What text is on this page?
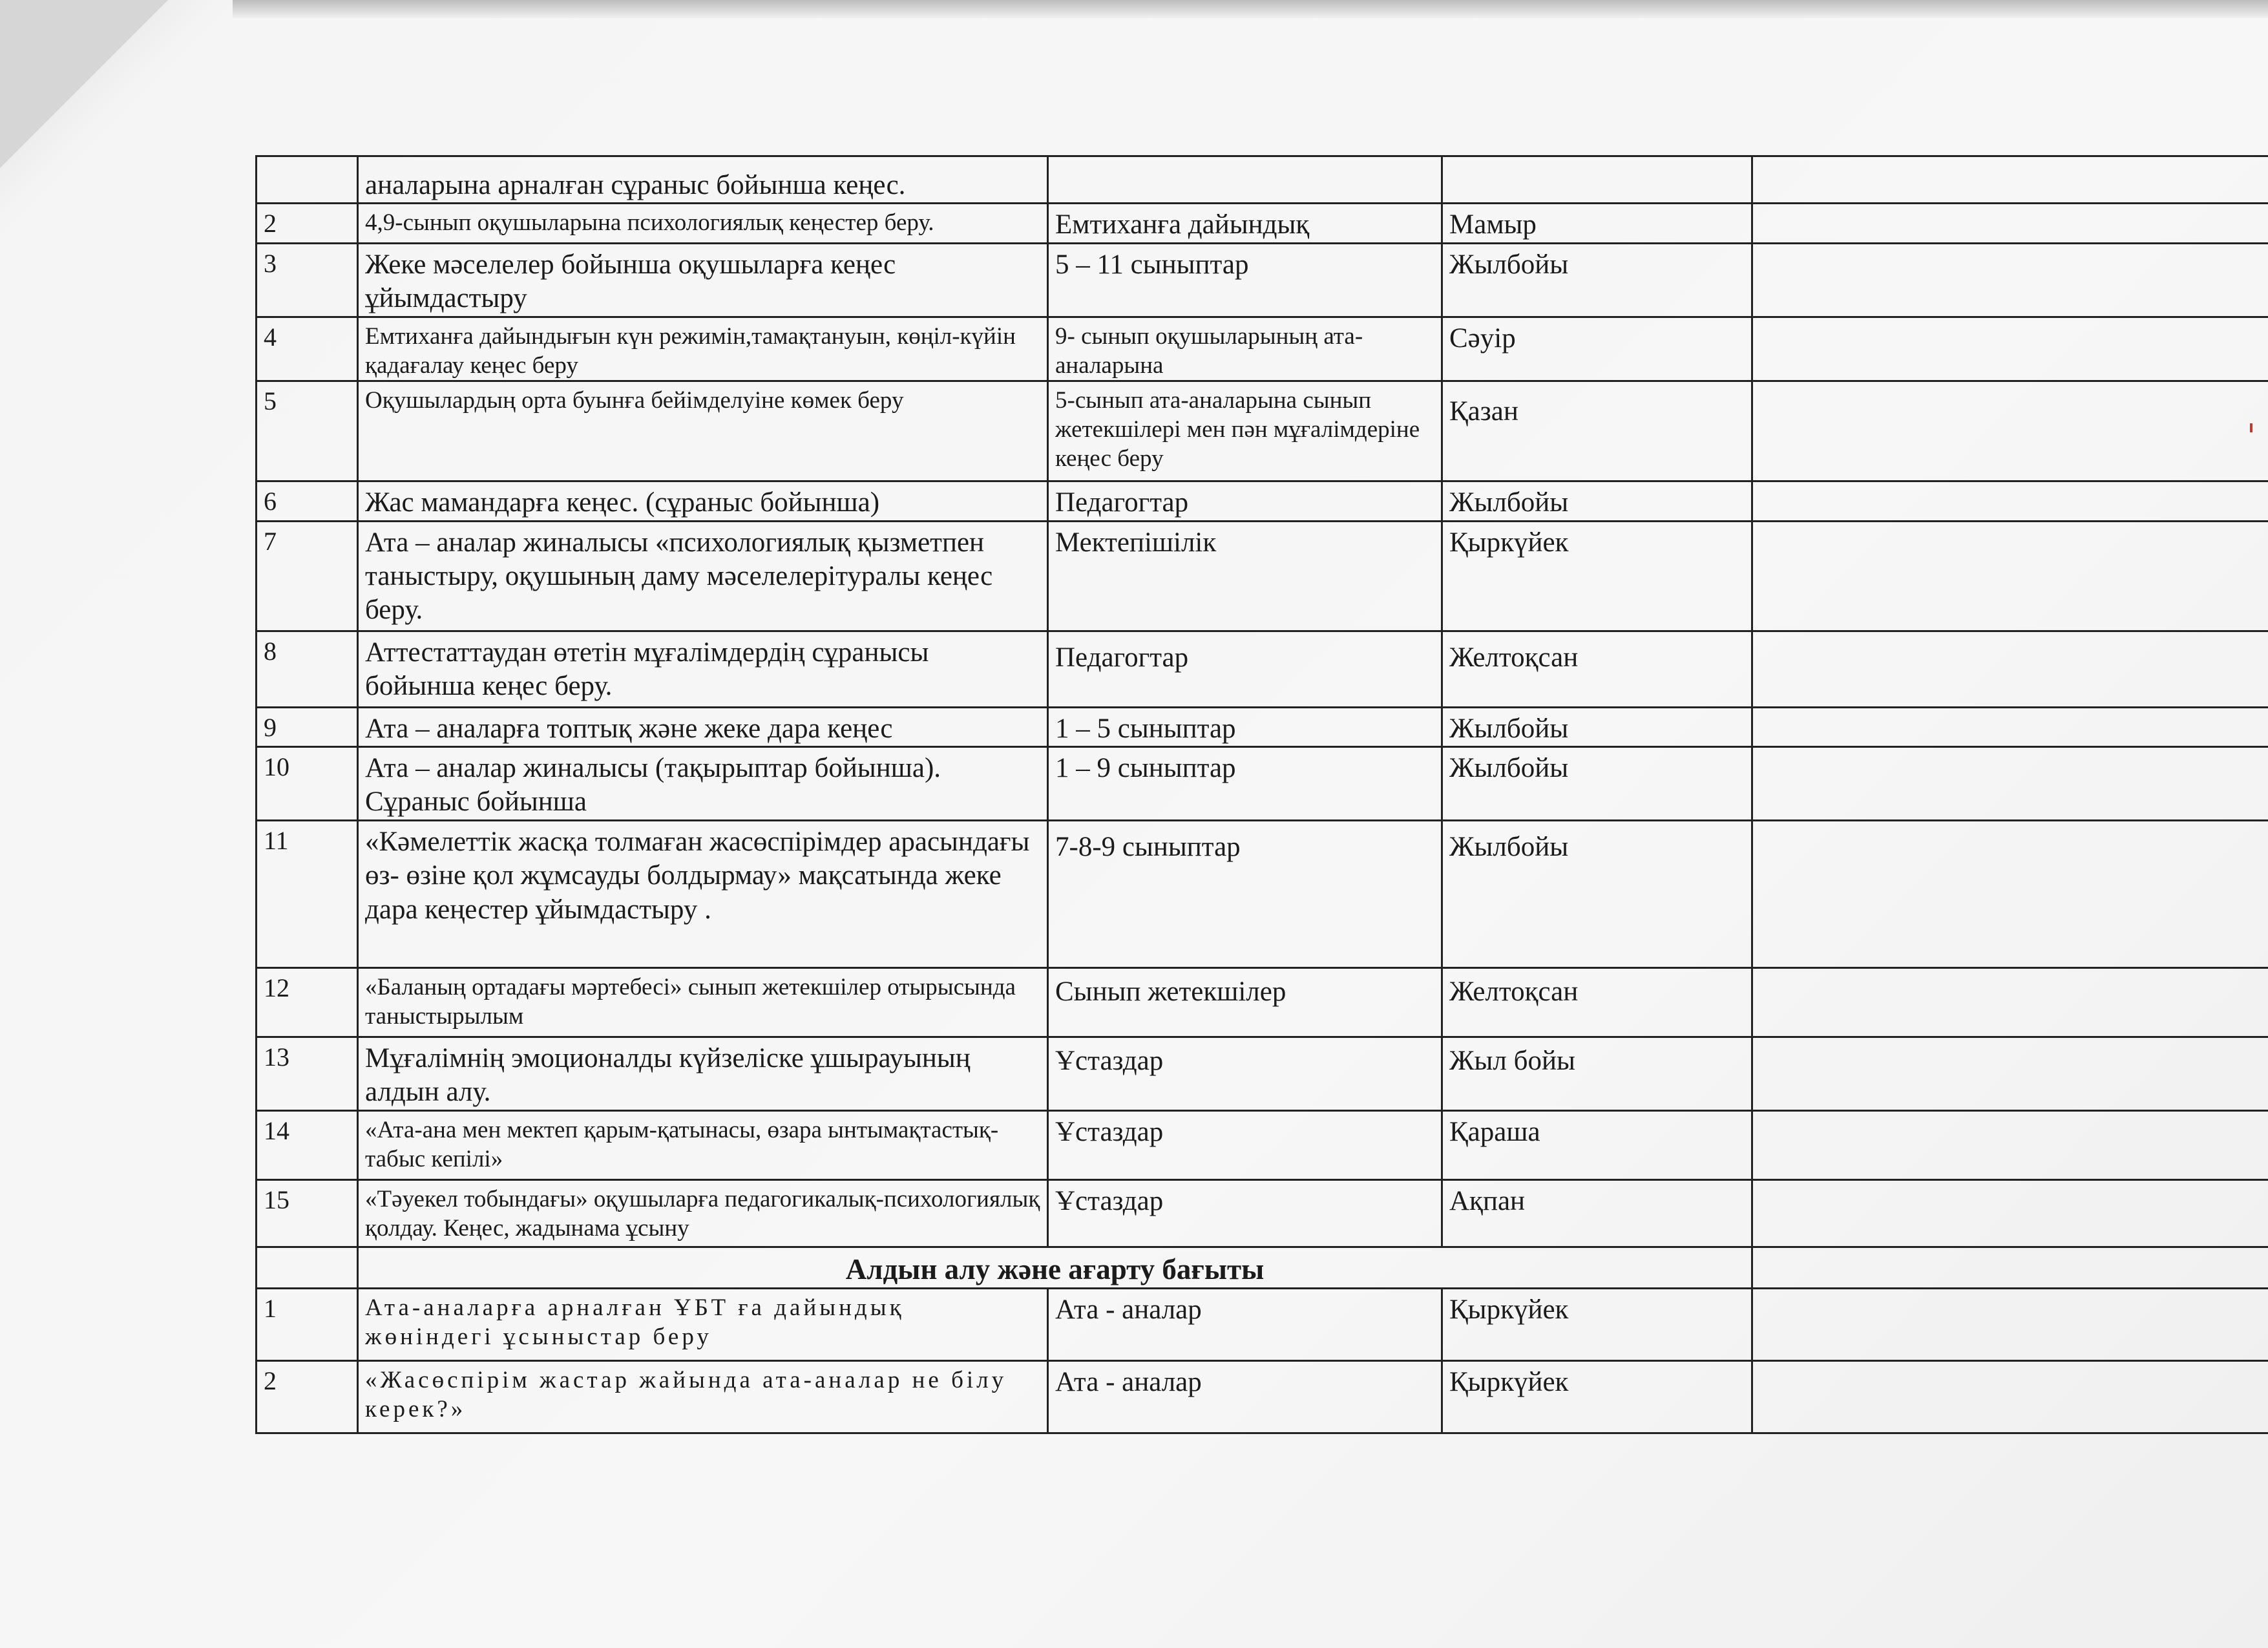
	аналарына арналған сұраныс бойынша кеңес.			
2	4,9-сынып оқушыларына психологиялық кеңестер беру.	Емтиханға дайындық	Мамыр	
3	Жеке мәселелер бойынша оқушыларға кеңес ұйымдастыру	5 – 11 сыныптар	Жылбойы	
4	Емтиханға дайындығын күн режимін,тамақтануын, көңіл-күйін қадағалау кеңес беру	9- сынып оқушыларының ата-аналарына	Сәуір	
5	Оқушылардың орта буынға бейімделуіне көмек беру	5-сынып ата-аналарына сынып жетекшілері мен пән мұғалімдеріне кеңес беру	Қазан	
6	Жас мамандарға кеңес. (сұраныс бойынша)	Педагогтар	Жылбойы	
7	Ата – аналар жиналысы «психологиялық қызметпен таныстыру, оқушының даму мәселелерітуралы кеңес беру.	Мектепішілік	Қыркүйек	
8	Аттестаттаудан өтетін мұғалімдердің сұранысы бойынша кеңес беру.	Педагогтар	Желтоқсан	
9	Ата – аналарға топтық және жеке дара кеңес	1 – 5 сыныптар	Жылбойы	
10	Ата – аналар жиналысы (тақырыптар бойынша). Сұраныс бойынша	1 – 9 сыныптар	Жылбойы	
11	«Кәмелеттік жасқа толмаған жасөспірімдер арасындағы өз- өзіне қол жұмсауды болдырмау» мақсатында жеке дара кеңестер ұйымдастыру .	7-8-9 сыныптар	Жылбойы	
12	«Баланың ортадағы мәртебесі» сынып жетекшілер отырысында таныстырылым	Сынып жетекшілер	Желтоқсан	
13	Мұғалімнің эмоционалды күйзеліске ұшырауының алдын алу.	Ұстаздар	Жыл бойы	
14	«Ата-ана мен мектеп қарым-қатынасы, өзара ынтымақтастық-табыс кепілі»	Ұстаздар	Қараша	
15	«Тәуекел тобындағы» оқушыларға педагогикалық-психологиялық қолдау. Кеңес, жадынама ұсыну	Ұстаздар	Ақпан	
	Алдын алу және ағарту бағыты			
1	Ата-аналарға арналған ҰБТ ға дайындық жөніндегі ұсыныстар беру	Ата - аналар	Қыркүйек	
2	«Жасөспірім жастар жайында ата-аналар не білу керек?»	Ата - аналар	Қыркүйек	
